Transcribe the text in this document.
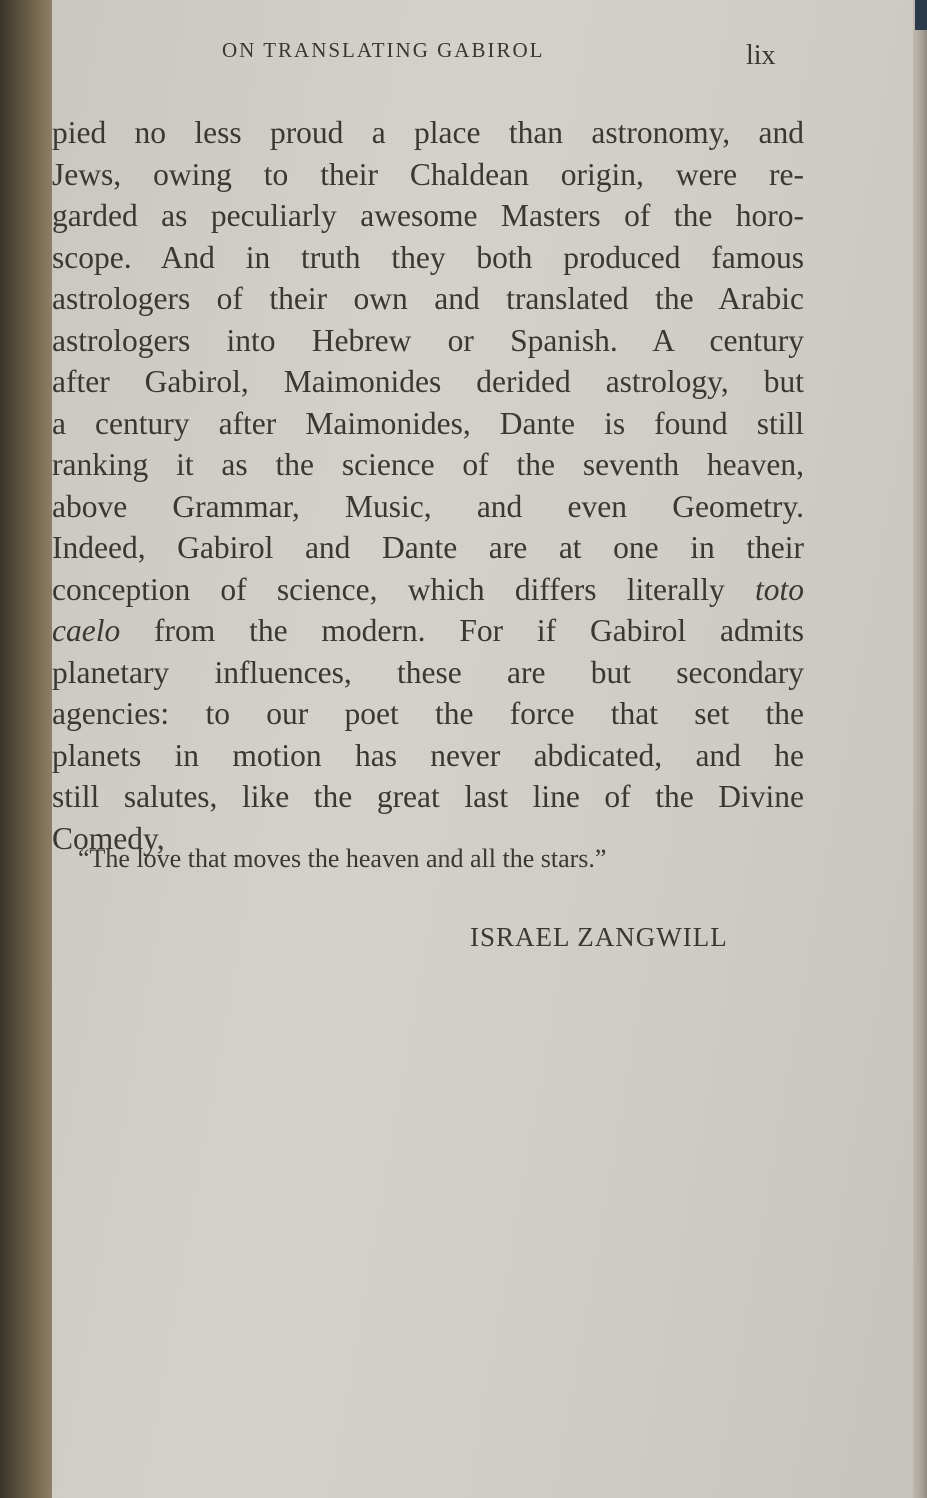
ON TRANSLATING GABIROL	lix
pied no less proud a place than astronomy, and
Jews, owing to their Chaldean origin, were re-
garded as peculiarly awesome Masters of the horo-
scope. And in truth they both produced famous
astrologers of their own and translated the Arabic
astrologers into Hebrew or Spanish. A century
after Gabirol, Maimonides derided astrology, but
a century after Maimonides, Dante is found still
ranking it as the science of the seventh heaven,
above Grammar, Music, and even Geometry.
Indeed, Gabirol and Dante are at one in their
conception of science, which differs literally toto
caelo from the modern. For if Gabirol admits
planetary influences, these are but secondary
agencies: to our poet the force that set the
planets in motion has never abdicated, and he
still salutes, like the great last line of the Divine
Comedy,
“The love that moves the heaven and all the stars.”
ISRAEL ZANGWILL
